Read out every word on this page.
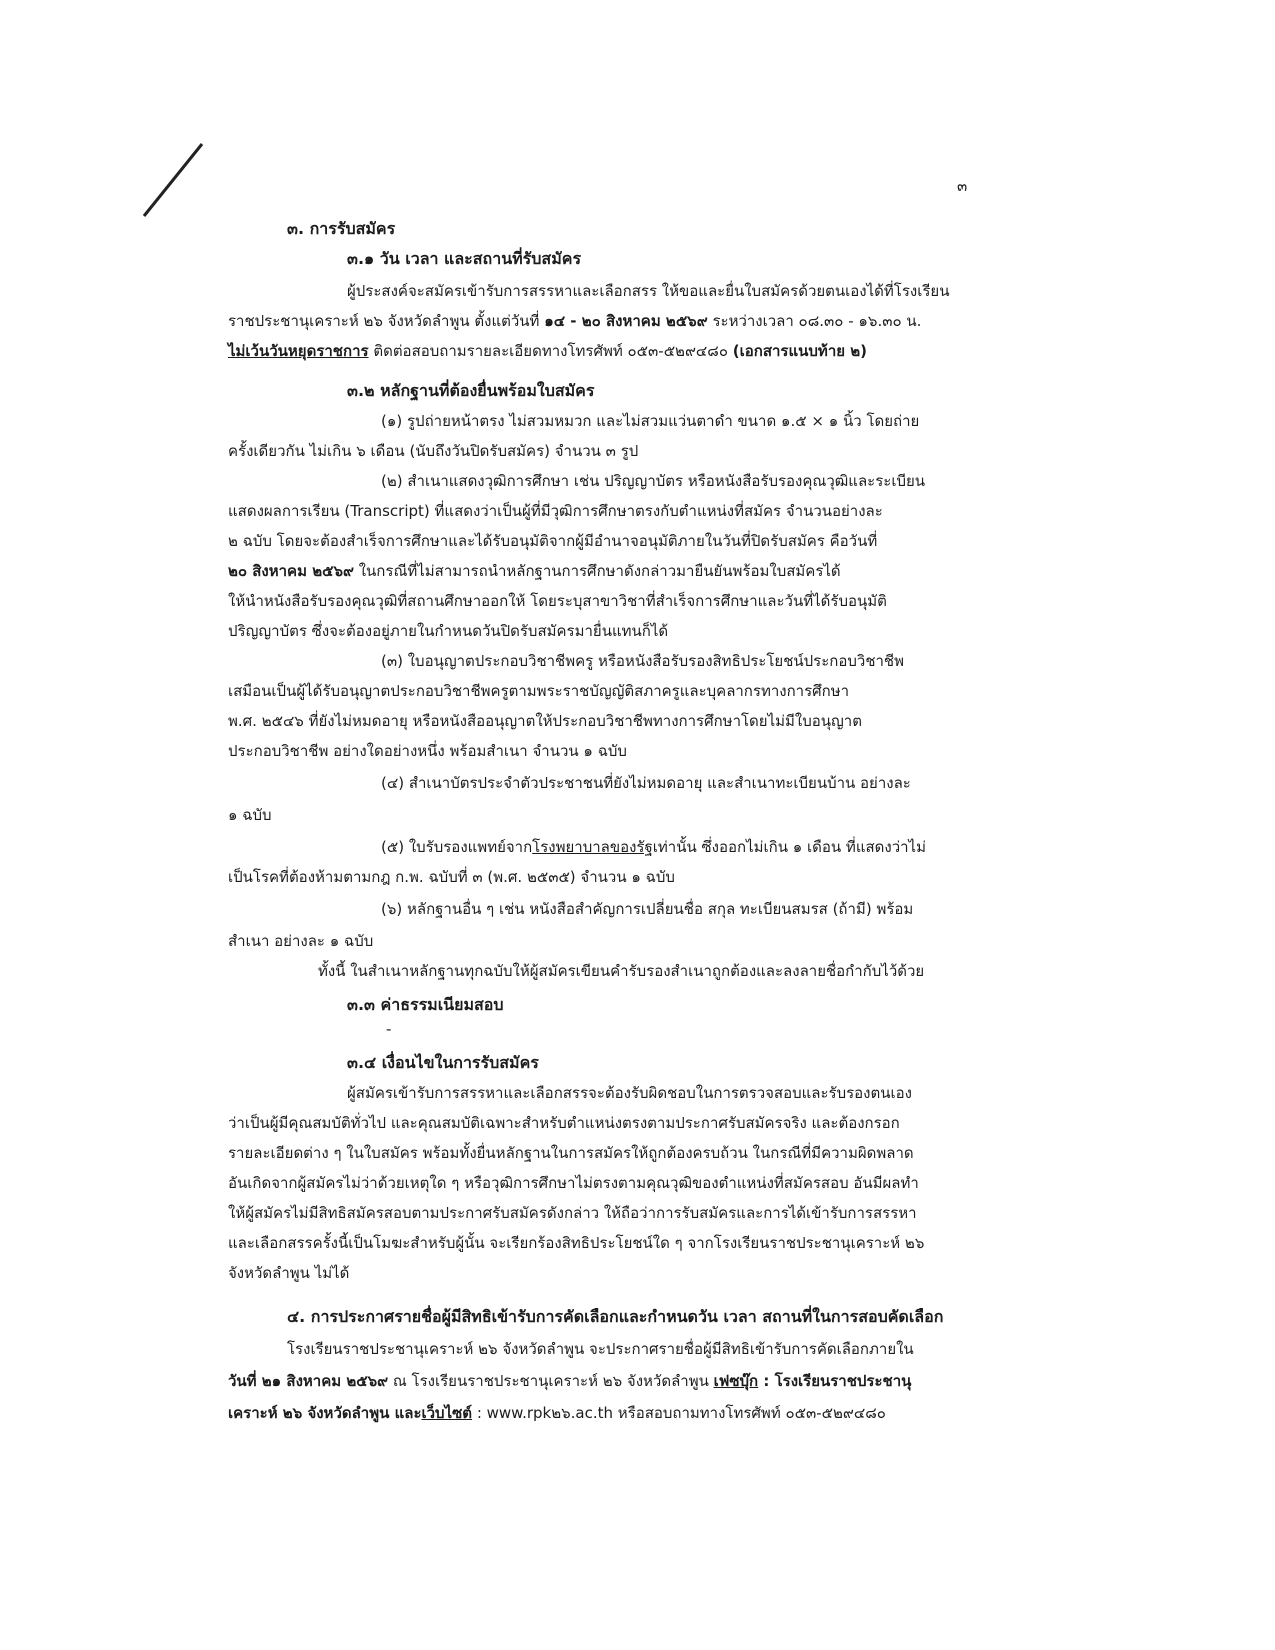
๓
๓. การรับสมัคร
๓.๑ วัน เวลา และสถานที่รับสมัคร
ผู้ประสงค์จะสมัครเข้ารับการสรรหาและเลือกสรร ให้ขอและยื่นใบสมัครด้วยตนเองได้ที่โรงเรียน
ราชประชานุเคราะห์ ๒๖ จังหวัดลำพูน ตั้งแต่วันที่ ๑๔ - ๒๐ สิงหาคม ๒๕๖๙ ระหว่างเวลา ๐๘.๓๐ - ๑๖.๓๐ น.
ไม่เว้นวันหยุดราชการ ติดต่อสอบถามรายละเอียดทางโทรศัพท์ ๐๕๓-๕๒๙๔๘๐ (เอกสารแนบท้าย ๒)
๓.๒ หลักฐานที่ต้องยื่นพร้อมใบสมัคร
(๑) รูปถ่ายหน้าตรง ไม่สวมหมวก และไม่สวมแว่นตาดำ ขนาด ๑.๕ × ๑ นิ้ว โดยถ่าย
ครั้งเดียวกัน ไม่เกิน ๖ เดือน (นับถึงวันปิดรับสมัคร) จำนวน ๓ รูป
(๒) สำเนาแสดงวุฒิการศึกษา เช่น ปริญญาบัตร หรือหนังสือรับรองคุณวุฒิและระเบียน
แสดงผลการเรียน (Transcript) ที่แสดงว่าเป็นผู้ที่มีวุฒิการศึกษาตรงกับตำแหน่งที่สมัคร จำนวนอย่างละ
๒ ฉบับ โดยจะต้องสำเร็จการศึกษาและได้รับอนุมัติจากผู้มีอำนาจอนุมัติภายในวันที่ปิดรับสมัคร คือวันที่
๒๐ สิงหาคม ๒๕๖๙ ในกรณีที่ไม่สามารถนำหลักฐานการศึกษาดังกล่าวมายืนยันพร้อมใบสมัครได้
ให้นำหนังสือรับรองคุณวุฒิที่สถานศึกษาออกให้ โดยระบุสาขาวิชาที่สำเร็จการศึกษาและวันที่ได้รับอนุมัติ
ปริญญาบัตร ซึ่งจะต้องอยู่ภายในกำหนดวันปิดรับสมัครมายื่นแทนก็ได้
(๓) ใบอนุญาตประกอบวิชาชีพครู หรือหนังสือรับรองสิทธิประโยชน์ประกอบวิชาชีพ
เสมือนเป็นผู้ได้รับอนุญาตประกอบวิชาชีพครูตามพระราชบัญญัติสภาครูและบุคลากรทางการศึกษา
พ.ศ. ๒๕๔๖ ที่ยังไม่หมดอายุ หรือหนังสืออนุญาตให้ประกอบวิชาชีพทางการศึกษาโดยไม่มีใบอนุญาต
ประกอบวิชาชีพ อย่างใดอย่างหนึ่ง พร้อมสำเนา จำนวน ๑ ฉบับ
(๔) สำเนาบัตรประจำตัวประชาชนที่ยังไม่หมดอายุ และสำเนาทะเบียนบ้าน อย่างละ
๑ ฉบับ
(๕) ใบรับรองแพทย์จากโรงพยาบาลของรัฐเท่านั้น ซึ่งออกไม่เกิน ๑ เดือน ที่แสดงว่าไม่
เป็นโรคที่ต้องห้ามตามกฎ ก.พ. ฉบับที่ ๓ (พ.ศ. ๒๕๓๕) จำนวน ๑ ฉบับ
(๖) หลักฐานอื่น ๆ เช่น หนังสือสำคัญการเปลี่ยนชื่อ สกุล ทะเบียนสมรส (ถ้ามี) พร้อม
สำเนา อย่างละ ๑ ฉบับ
ทั้งนี้ ในสำเนาหลักฐานทุกฉบับให้ผู้สมัครเขียนคำรับรองสำเนาถูกต้องและลงลายชื่อกำกับไว้ด้วย
๓.๓ ค่าธรรมเนียมสอบ
-
๓.๔ เงื่อนไขในการรับสมัคร
ผู้สมัครเข้ารับการสรรหาและเลือกสรรจะต้องรับผิดชอบในการตรวจสอบและรับรองตนเอง
ว่าเป็นผู้มีคุณสมบัติทั่วไป และคุณสมบัติเฉพาะสำหรับตำแหน่งตรงตามประกาศรับสมัครจริง และต้องกรอก
รายละเอียดต่าง ๆ ในใบสมัคร พร้อมทั้งยื่นหลักฐานในการสมัครให้ถูกต้องครบถ้วน ในกรณีที่มีความผิดพลาด
อันเกิดจากผู้สมัครไม่ว่าด้วยเหตุใด ๆ หรือวุฒิการศึกษาไม่ตรงตามคุณวุฒิของตำแหน่งที่สมัครสอบ อันมีผลทำ
ให้ผู้สมัครไม่มีสิทธิสมัครสอบตามประกาศรับสมัครดังกล่าว ให้ถือว่าการรับสมัครและการได้เข้ารับการสรรหา
และเลือกสรรครั้งนี้เป็นโมฆะสำหรับผู้นั้น จะเรียกร้องสิทธิประโยชน์ใด ๆ จากโรงเรียนราชประชานุเคราะห์ ๒๖
จังหวัดลำพูน ไม่ได้
๔. การประกาศรายชื่อผู้มีสิทธิเข้ารับการคัดเลือกและกำหนดวัน เวลา สถานที่ในการสอบคัดเลือก
โรงเรียนราชประชานุเคราะห์ ๒๖ จังหวัดลำพูน จะประกาศรายชื่อผู้มีสิทธิเข้ารับการคัดเลือกภายใน
วันที่ ๒๑ สิงหาคม ๒๕๖๙ ณ โรงเรียนราชประชานุเคราะห์ ๒๖ จังหวัดลำพูน เฟซบุ๊ก : โรงเรียนราชประชานุ
เคราะห์ ๒๖ จังหวัดลำพูน และเว็บไซต์ : www.rpk๒๖.ac.th หรือสอบถามทางโทรศัพท์ ๐๕๓-๕๒๙๔๘๐
